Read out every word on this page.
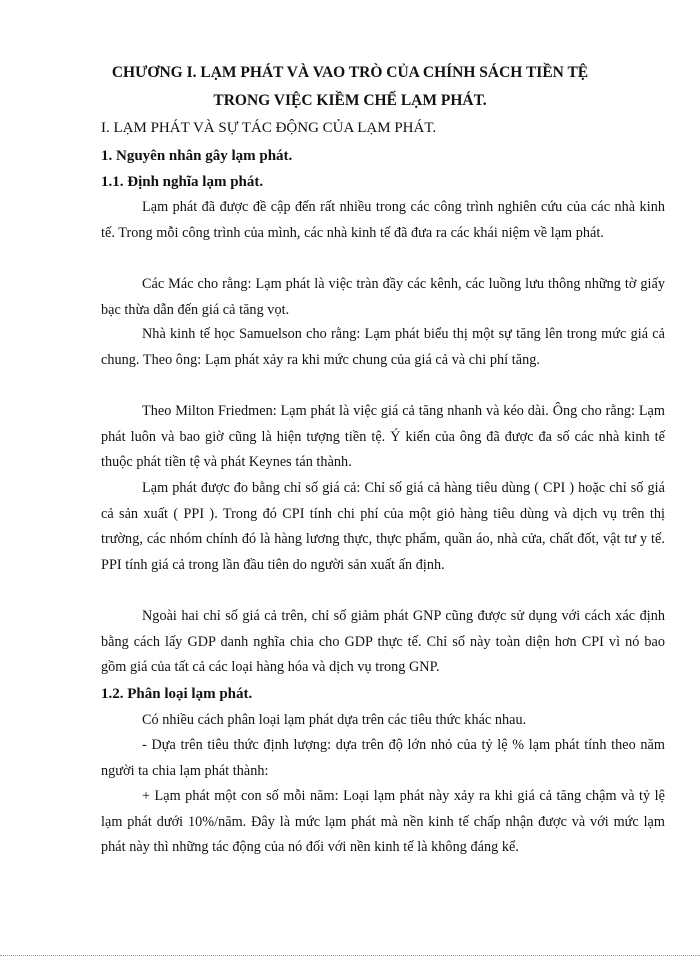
CHƯƠNG I. LẠM PHÁT VÀ VAO TRÒ CỦA CHÍNH SÁCH TIỀN TỆ
TRONG VIỆC KIỀM CHẾ LẠM PHÁT.
I. LẠM PHÁT VÀ SỰ TÁC ĐỘNG CỦA LẠM PHÁT.
1. Nguyên nhân gây lạm phát.
1.1. Định nghĩa lạm phát.

Lạm phát đã được đề cập đến rất nhiều trong các công trình nghiên cứu của các nhà kinh tế. Trong mỗi công trình của mình, các nhà kinh tế đã đưa ra các khái niệm về lạm phát.

Các Mác cho rằng: Lạm phát là việc tràn đầy các kênh, các luồng lưu thông những tờ giấy bạc thừa dẫn đến giá cả tăng vọt.

Nhà kinh tế học Samuelson cho rằng: Lạm phát biểu thị một sự tăng lên trong mức giá cả chung. Theo ông: Lạm phát xảy ra khi mức chung của giá cả và chi phí tăng.

Theo Milton Friedmen: Lạm phát là việc giá cả tăng nhanh và kéo dài. Ông cho rằng: Lạm phát luôn và bao giờ cũng là hiện tượng tiền tệ. Ý kiến của ông đã được đa số các nhà kinh tế thuộc phát tiền tệ và phát Keynes tán thành.

Lạm phát được đo bằng chỉ số giá cả: Chỉ số giá cả hàng tiêu dùng ( CPI ) hoặc chỉ số giá cả sản xuất ( PPI ). Trong đó CPI tính chi phí của một giỏ hàng tiêu dùng và dịch vụ trên thị trường, các nhóm chính đó là hàng lương thực, thực phẩm, quần áo, nhà cửa, chất đốt, vật tư y tế. PPI tính giá cả trong lần đầu tiên do người sản xuất ấn định.

Ngoài hai chỉ số giá cả trên, chỉ số giảm phát GNP cũng được sử dụng với cách xác định bằng cách lấy GDP danh nghĩa chia cho GDP thực tế. Chỉ số này toàn diện hơn CPI vì nó bao gồm giá của tất cả các loại hàng hóa và dịch vụ trong GNP.

1.2. Phân loại lạm phát.

Có nhiều cách phân loại lạm phát dựa trên các tiêu thức khác nhau.

- Dựa trên tiêu thức định lượng: dựa trên độ lớn nhỏ của tỷ lệ % lạm phát tính theo năm người ta chia lạm phát thành:

+ Lạm phát một con số mỗi năm: Loại lạm phát này xảy ra khi giá cả tăng chậm và tỷ lệ lạm phát dưới 10%/năm. Đây là mức lạm phát mà nền kinh tế chấp nhận được và với mức lạm phát này thì những tác động của nó đối với nền kinh tế là không đáng kể.
